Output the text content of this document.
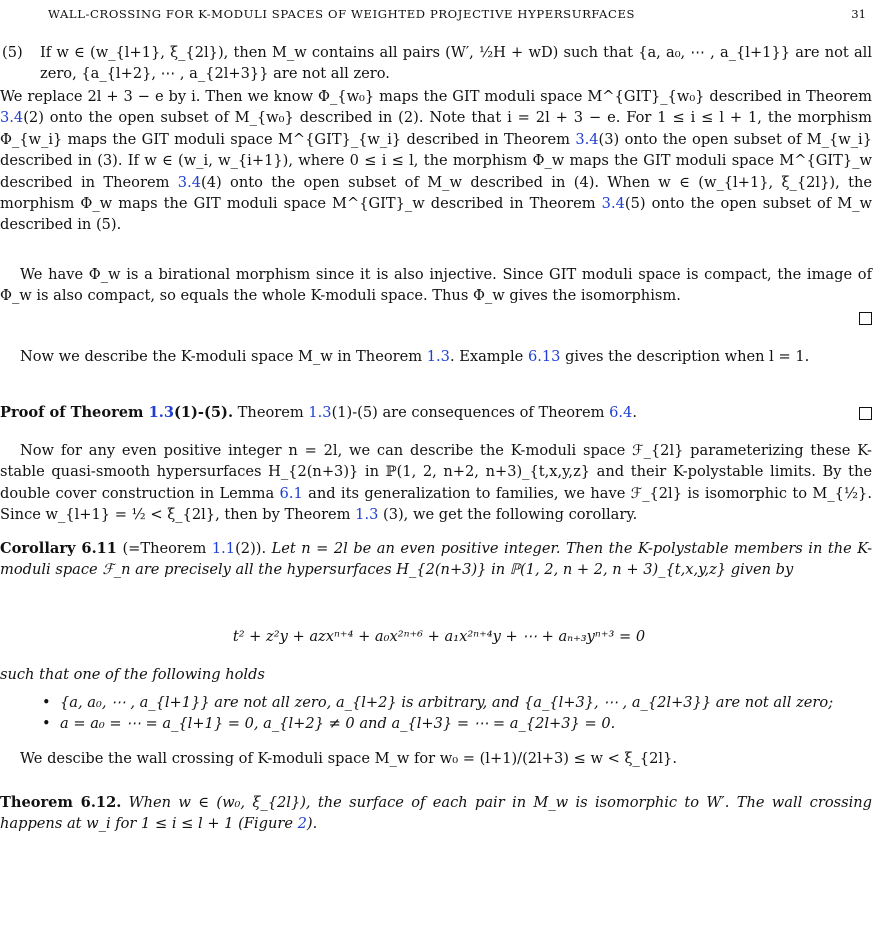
WALL-CROSSING FOR K-MODULI SPACES OF WEIGHTED PROJECTIVE HYPERSURFACES	31
(5) If w ∈ (w_{l+1}, ξ_{2l}), then M_w contains all pairs (W′, ½H + wD) such that {a, a₀, ⋯ , a_{l+1}} are not all zero, {a_{l+2}, ⋯ , a_{2l+3}} are not all zero.

We replace 2l + 3 − e by i. Then we know Φ_{w₀} maps the GIT moduli space M^{GIT}_{w₀} described in Theorem 3.4(2) onto the open subset of M_{w₀} described in (2). Note that i = 2l + 3 − e. For 1 ≤ i ≤ l + 1, the morphism Φ_{w_i} maps the GIT moduli space M^{GIT}_{w_i} described in Theorem 3.4(3) onto the open subset of M_{w_i} described in (3). If w ∈ (w_i, w_{i+1}), where 0 ≤ i ≤ l, the morphism Φ_w maps the GIT moduli space M^{GIT}_w described in Theorem 3.4(4) onto the open subset of M_w described in (4). When w ∈ (w_{l+1}, ξ_{2l}), the morphism Φ_w maps the GIT moduli space M^{GIT}_w described in Theorem 3.4(5) onto the open subset of M_w described in (5).

We have Φ_w is a birational morphism since it is also injective. Since GIT moduli space is compact, the image of Φ_w is also compact, so equals the whole K-moduli space. Thus Φ_w gives the isomorphism.

Now we describe the K-moduli space M_w in Theorem 1.3. Example 6.13 gives the description when l = 1.

Proof of Theorem 1.3(1)-(5). Theorem 1.3(1)-(5) are consequences of Theorem 6.4.

Now for any even positive integer n = 2l, we can describe the K-moduli space ℱ_{2l} parameterizing these K-stable quasi-smooth hypersurfaces H_{2(n+3)} in ℙ(1, 2, n+2, n+3)_{t,x,y,z} and their K-polystable limits. By the double cover construction in Lemma 6.1 and its generalization to families, we have ℱ_{2l} is isomorphic to M_{½}. Since w_{l+1} = ½ < ξ_{2l}, then by Theorem 1.3 (3), we get the following corollary.

Corollary 6.11 (=Theorem 1.1(2)). Let n = 2l be an even positive integer. Then the K-polystable members in the K-moduli space ℱ_n are precisely all the hypersurfaces H_{2(n+3)} in ℙ(1, 2, n + 2, n + 3)_{t,x,y,z} given by

t² + z²y + azxⁿ⁺⁴ + a₀x²ⁿ⁺⁶ + a₁x²ⁿ⁺⁴y + ⋯ + aₙ₊₃yⁿ⁺³ = 0

such that one of the following holds

• {a, a₀, ⋯ , a_{l+1}} are not all zero, a_{l+2} is arbitrary, and {a_{l+3}, ⋯ , a_{2l+3}} are not all zero;
• a = a₀ = ⋯ = a_{l+1} = 0, a_{l+2} ≠ 0 and a_{l+3} = ⋯ = a_{2l+3} = 0.

We descibe the wall crossing of K-moduli space M_w for w₀ = (l+1)/(2l+3) ≤ w < ξ_{2l}.

Theorem 6.12. When w ∈ (w₀, ξ_{2l}), the surface of each pair in M_w is isomorphic to W′. The wall crossing happens at w_i for 1 ≤ i ≤ l + 1 (Figure 2).
